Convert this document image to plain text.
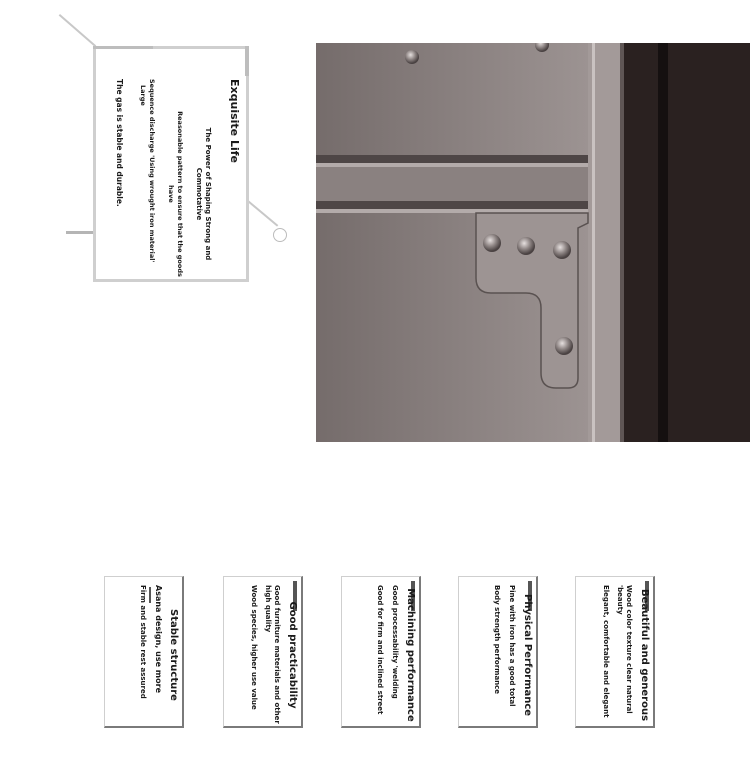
Exquisite Life
The Power of Shaping Strong and Commotative
Reasonable pattern to ensure that the goods have
Sequence discharge 'Using wrought iron material' Large
The gas is stable and durable.
Beautiful and generous
Wood color texture clear natural 'beauty
Elegant, comfortable and elegant
Physical Performance
Pine with iron has a good total
Body strength performance
Machining performance
Good processability 'welding
Good for firm and inclined street
Good practicability
Good furniture materials and other high quality
Wood species, higher use value
Stable structure
Asana design, use more
Firm and stable rest assured
